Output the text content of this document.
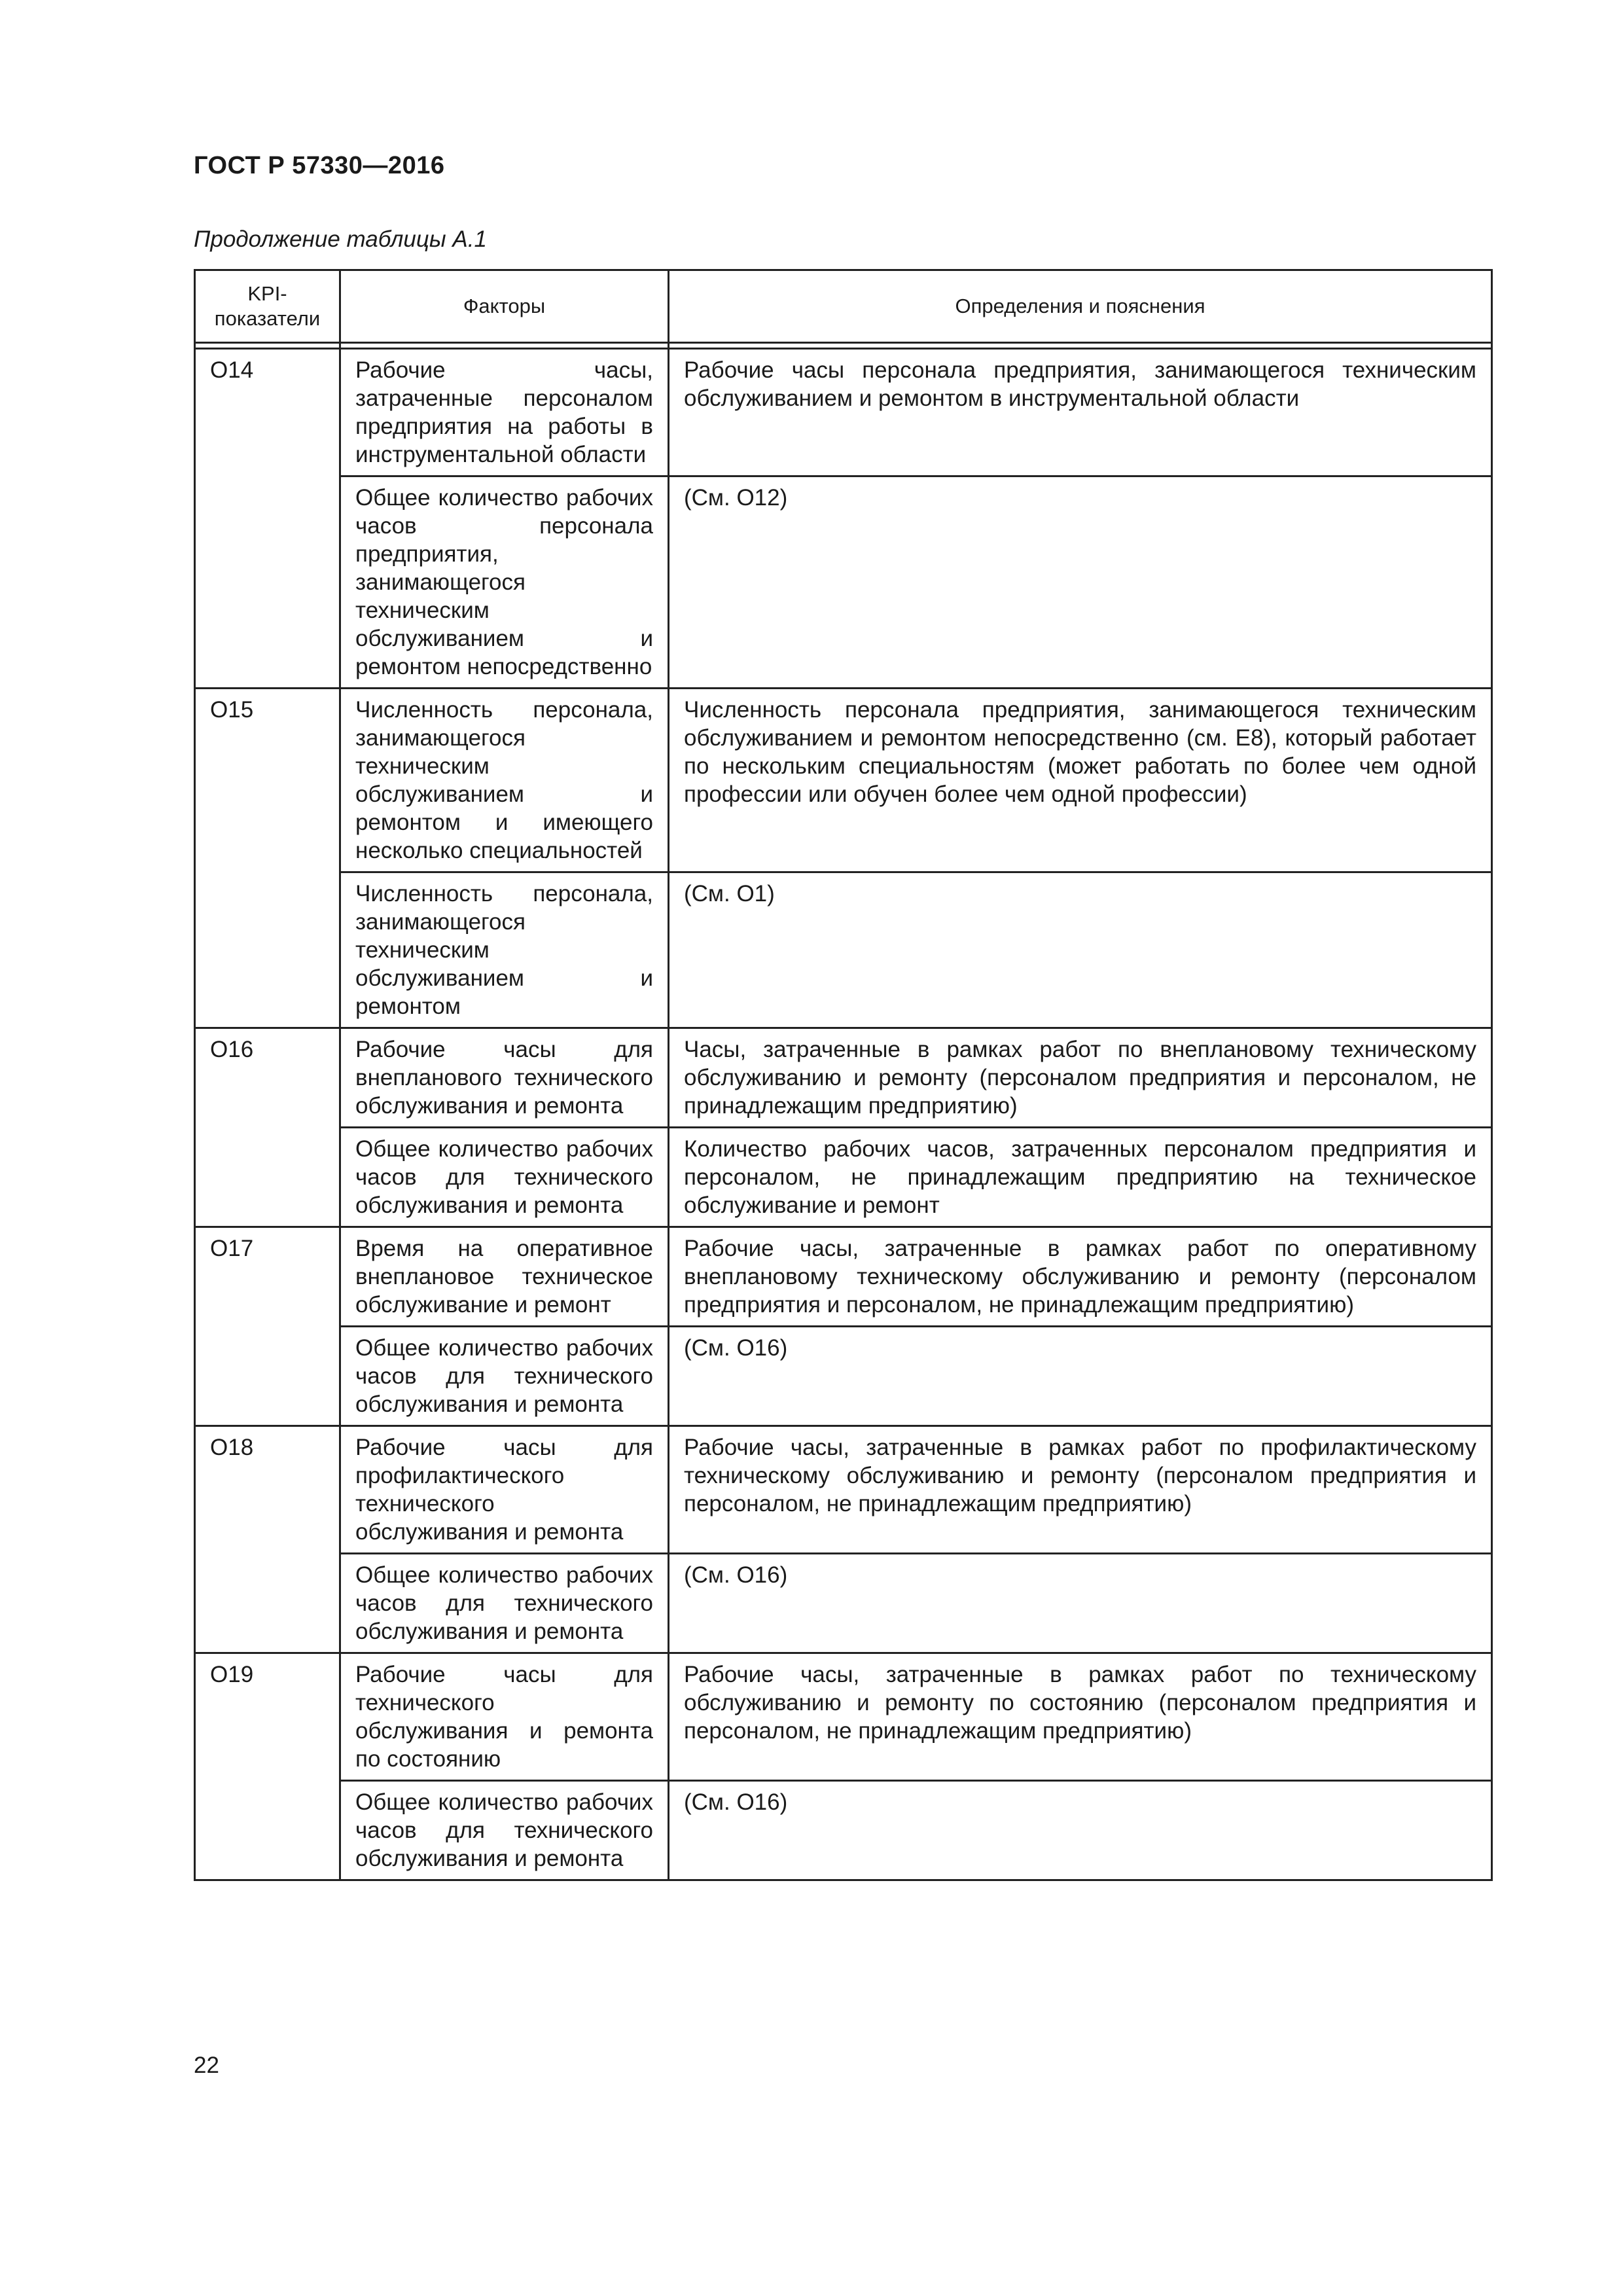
ГОСТ Р 57330—2016
Продолжение таблицы А.1
KPI-показатели	Факторы	Определения и пояснения

О14	Рабочие часы, затраченные персоналом предприятия на работы в инструментальной области	Рабочие часы персонала предприятия, занимающегося техническим обслуживанием и ремонтом в инструментальной области
	Общее количество рабочих часов персонала предприятия, занимающегося техническим обслуживанием и ремонтом непосредственно	(См. О12)
О15	Численность персонала, занимающегося техническим обслуживанием и ремонтом и имеющего несколько специальностей	Численность персонала предприятия, занимающегося техническим обслуживанием и ремонтом непосредственно (см. Е8), который работает по нескольким специальностям (может работать по более чем одной профессии или обучен более чем одной профессии)
	Численность персонала, занимающегося техническим обслуживанием и ремонтом	(См. О1)
О16	Рабочие часы для внепланового технического обслуживания и ремонта	Часы, затраченные в рамках работ по внеплановому техническому обслуживанию и ремонту (персоналом предприятия и персоналом, не принадлежащим предприятию)
	Общее количество рабочих часов для технического обслуживания и ремонта	Количество рабочих часов, затраченных персоналом предприятия и персоналом, не принадлежащим предприятию на техническое обслуживание и ремонт
О17	Время на оперативное внеплановое техническое обслуживание и ремонт	Рабочие часы, затраченные в рамках работ по оперативному внеплановому техническому обслуживанию и ремонту (персоналом предприятия и персоналом, не принадлежащим предприятию)
	Общее количество рабочих часов для технического обслуживания и ремонта	(См. О16)
О18	Рабочие часы для профилактического технического обслуживания и ремонта	Рабочие часы, затраченные в рамках работ по профилактическому техническому обслуживанию и ремонту (персоналом предприятия и персоналом, не принадлежащим предприятию)
	Общее количество рабочих часов для технического обслуживания и ремонта	(См. О16)
О19	Рабочие часы для технического обслуживания и ремонта по состоянию	Рабочие часы, затраченные в рамках работ по техническому обслуживанию и ремонту по состоянию (персоналом предприятия и персоналом, не принадлежащим предприятию)
	Общее количество рабочих часов для технического обслуживания и ремонта	(См. О16)
22
